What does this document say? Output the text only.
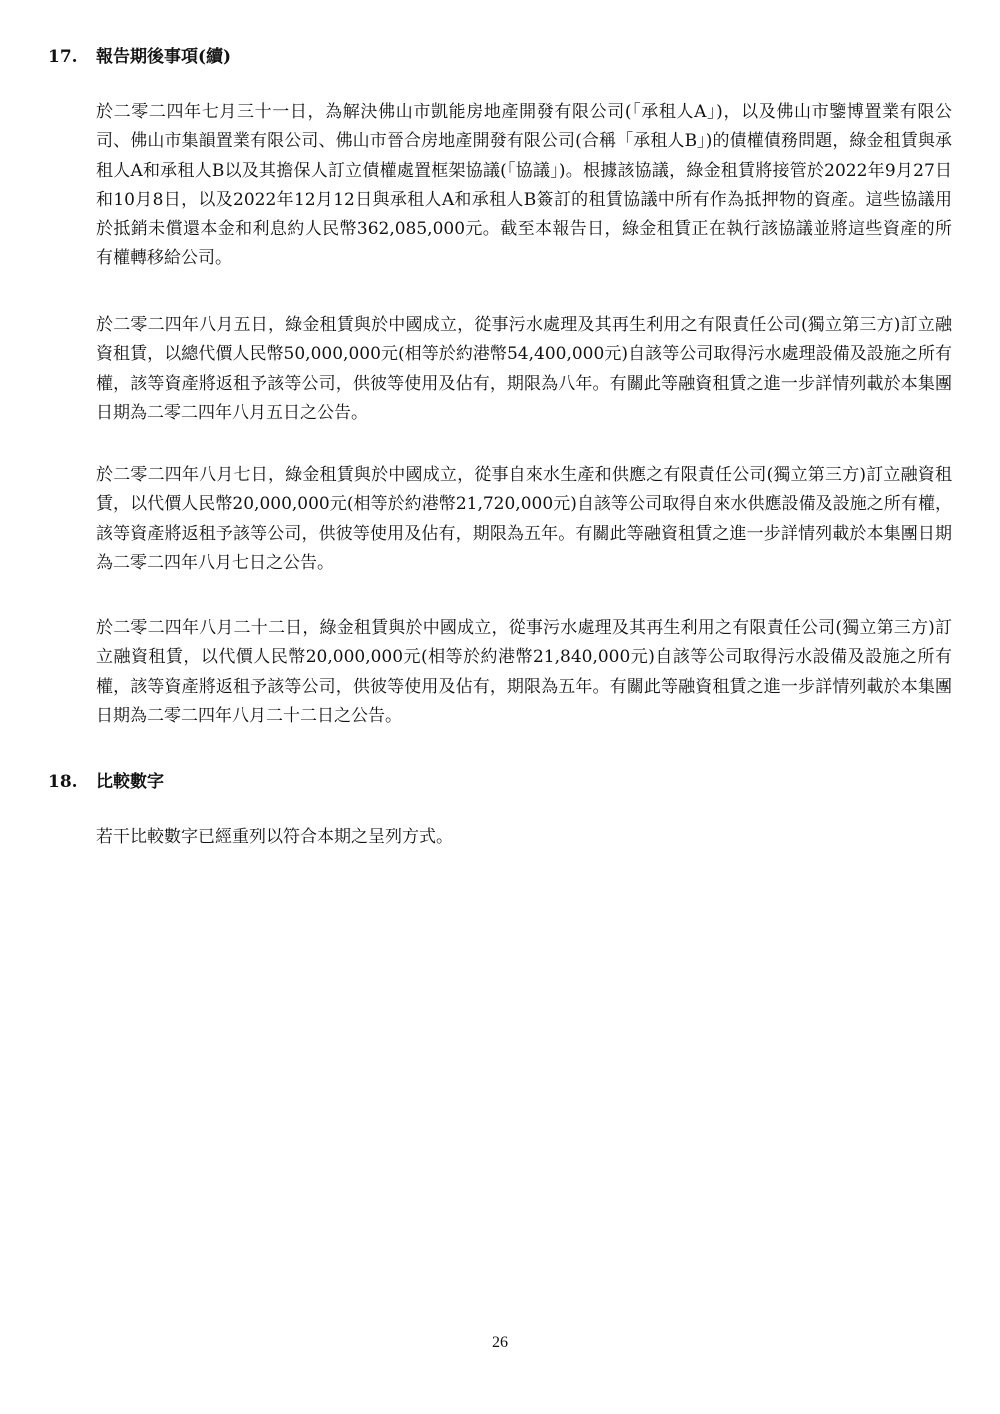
17. 報告期後事項(續)

於二零二四年七月三十一日，為解決佛山市凱能房地產開發有限公司(「承租人A」)，以及佛山市鑒博置業有限公司、佛山市集韻置業有限公司、佛山市晉合房地產開發有限公司(合稱「承租人B」)的債權債務問題，綠金租賃與承租人A和承租人B以及其擔保人訂立債權處置框架協議(「協議」)。根據該協議，綠金租賃將接管於2022年9月27日和10月8日，以及2022年12月12日與承租人A和承租人B簽訂的租賃協議中所有作為抵押物的資產。這些協議用於抵銷未償還本金和利息約人民幣362,085,000元。截至本報告日，綠金租賃正在執行該協議並將這些資產的所有權轉移給公司。

於二零二四年八月五日，綠金租賃與於中國成立，從事污水處理及其再生利用之有限責任公司(獨立第三方)訂立融資租賃，以總代價人民幣50,000,000元(相等於約港幣54,400,000元)自該等公司取得污水處理設備及設施之所有權，該等資產將返租予該等公司，供彼等使用及佔有，期限為八年。有關此等融資租賃之進一步詳情列載於本集團日期為二零二四年八月五日之公告。

於二零二四年八月七日，綠金租賃與於中國成立，從事自來水生產和供應之有限責任公司(獨立第三方)訂立融資租賃，以代價人民幣20,000,000元(相等於約港幣21,720,000元)自該等公司取得自來水供應設備及設施之所有權，該等資產將返租予該等公司，供彼等使用及佔有，期限為五年。有關此等融資租賃之進一步詳情列載於本集團日期為二零二四年八月七日之公告。

於二零二四年八月二十二日，綠金租賃與於中國成立，從事污水處理及其再生利用之有限責任公司(獨立第三方)訂立融資租賃，以代價人民幣20,000,000元(相等於約港幣21,840,000元)自該等公司取得污水設備及設施之所有權，該等資產將返租予該等公司，供彼等使用及佔有，期限為五年。有關此等融資租賃之進一步詳情列載於本集團日期為二零二四年八月二十二日之公告。

18. 比較數字

若干比較數字已經重列以符合本期之呈列方式。

26
